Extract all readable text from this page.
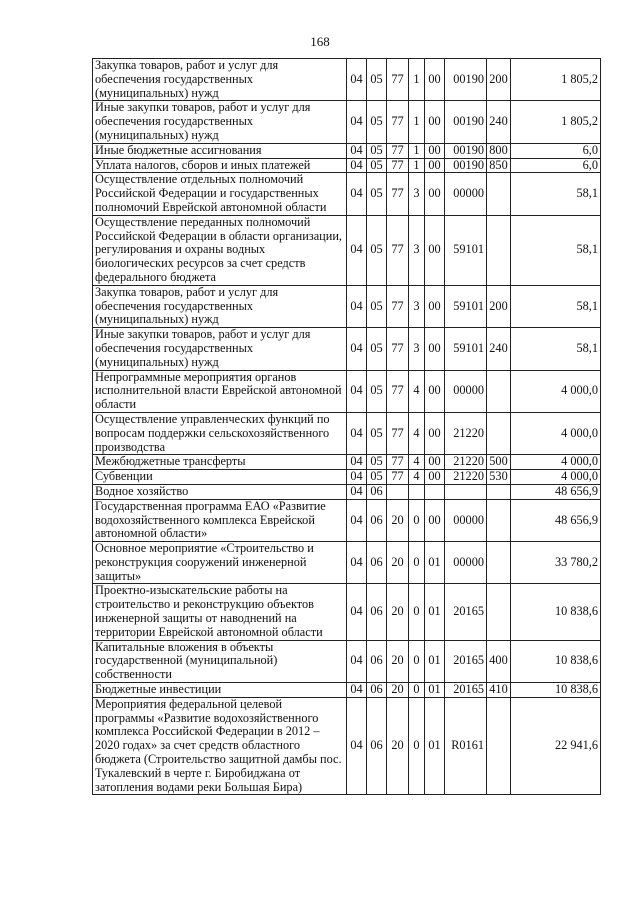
168
Закупка товаров, работ и услуг для обеспечения государственных (муниципальных) нужд	04	05	77	1	00	00190	200	1 805,2
Иные закупки товаров, работ и услуг для обеспечения государственных (муниципальных) нужд	04	05	77	1	00	00190	240	1 805,2
Иные бюджетные ассигнования	04	05	77	1	00	00190	800	6,0
Уплата налогов, сборов и иных платежей	04	05	77	1	00	00190	850	6,0
Осуществление отдельных полномочий Российской Федерации и государственных полномочий Еврейской автономной области	04	05	77	3	00	00000		58,1
Осуществление переданных полномочий Российской Федерации в области организации, регулирования и охраны водных биологических ресурсов за счет средств федерального бюджета	04	05	77	3	00	59101		58,1
Закупка товаров, работ и услуг для обеспечения государственных (муниципальных) нужд	04	05	77	3	00	59101	200	58,1
Иные закупки товаров, работ и услуг для обеспечения государственных (муниципальных) нужд	04	05	77	3	00	59101	240	58,1
Непрограммные мероприятия органов исполнительной власти Еврейской автономной области	04	05	77	4	00	00000		4 000,0
Осуществление управленческих функций по вопросам поддержки сельскохозяйственного производства	04	05	77	4	00	21220		4 000,0
Межбюджетные трансферты	04	05	77	4	00	21220	500	4 000,0
Субвенции	04	05	77	4	00	21220	530	4 000,0
Водное хозяйство	04	06						48 656,9
Государственная программа ЕАО «Развитие водохозяйственного комплекса Еврейской автономной области»	04	06	20	0	00	00000		48 656,9
Основное мероприятие «Строительство и реконструкция сооружений инженерной защиты»	04	06	20	0	01	00000		33 780,2
Проектно-изыскательские работы на строительство и реконструкцию объектов инженерной защиты от наводнений на территории Еврейской автономной области	04	06	20	0	01	20165		10 838,6
Капитальные вложения в объекты государственной (муниципальной) собственности	04	06	20	0	01	20165	400	10 838,6
Бюджетные инвестиции	04	06	20	0	01	20165	410	10 838,6
Мероприятия федеральной целевой программы «Развитие водохозяйственного комплекса Российской Федерации в 2012 – 2020 годах» за счет средств областного бюджета (Строительство защитной дамбы пос. Тукалевский в черте г. Биробиджана от затопления водами реки Большая Бира)	04	06	20	0	01	R0161		22 941,6
